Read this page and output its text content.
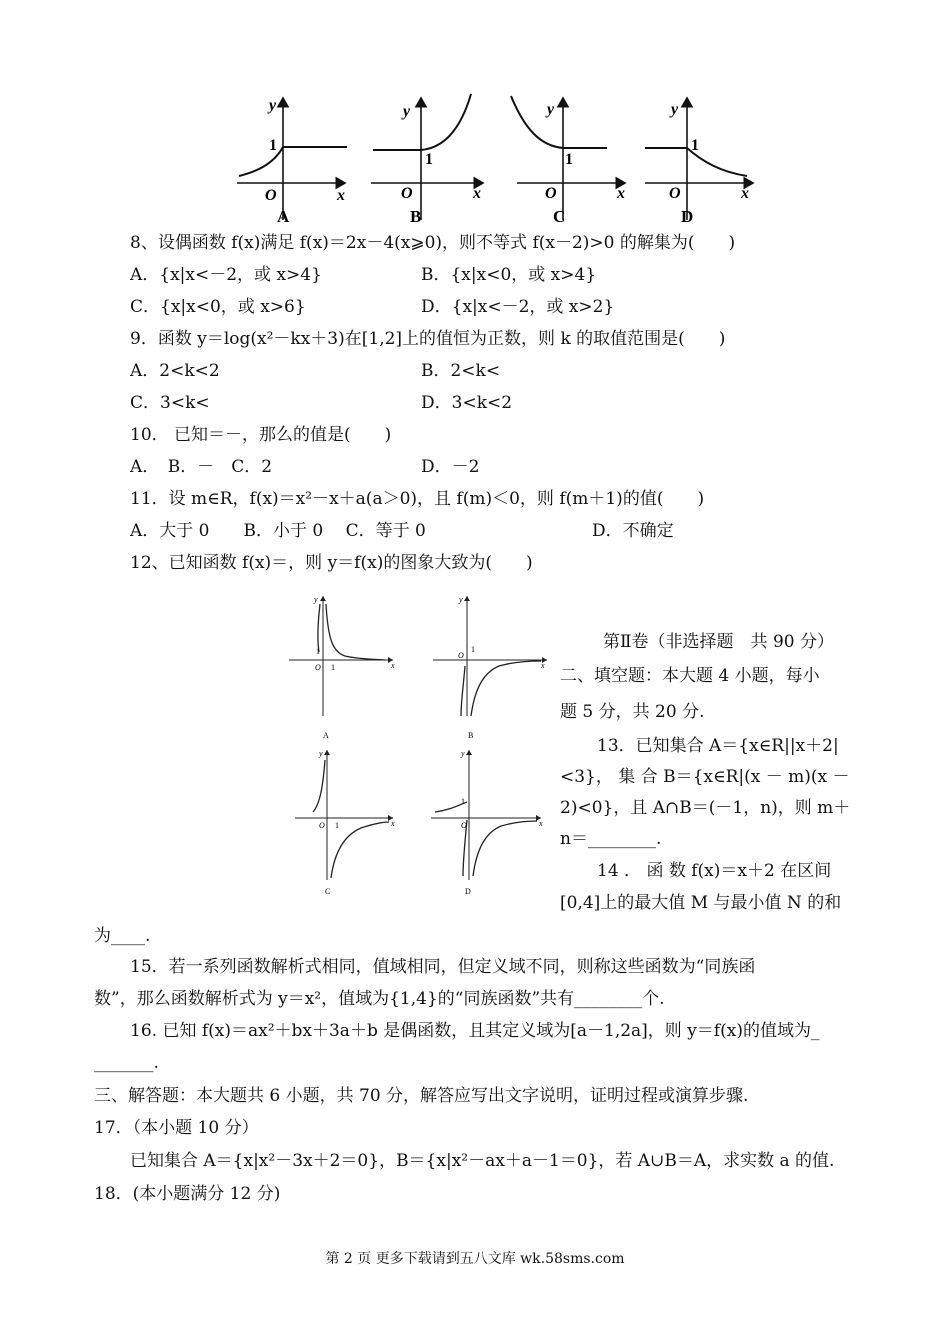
y
1
O	x
A
y
1
O	x
B
y
1
O	x
C
y
1
O	x
D
8、设偶函数 f(x)满足 f(x)＝2x－4(x⩾0)，则不等式 f(x－2)>0 的解集为(　　)
A．{x|x<－2，或 x>4}	B．{x|x<0，或 x>4}
C．{x|x<0，或 x>6}	D．{x|x<－2，或 x>2}
9．函数 y＝log(x²－kx＋3)在[1,2]上的值恒为正数，则 k 的取值范围是(　　)
A．2<k<2	B．2<k<
C．3<k<	D．3<k<2
10． 已知＝－，那么的值是(　　)
A．　B．－　C．2	D．－2
11．设 m∈R，f(x)＝x²－x＋a(a＞0)，且 f(m)＜0，则 f(m＋1)的值(　　)
A．大于 0　　B．小于 0　 C．等于 0	D．不确定
12、已知函数 f(x)＝，则 y＝f(x)的图象大致为(　　)
y
1
O 1	x
A
y
1
O
x
B
y
O 1	x
C
y
1
O	x
D
第Ⅱ卷（非选择题　共 90 分）
二、填空题：本大题 4 小题，每小
题 5 分，共 20 分.
13．已知集合 A＝{x∈R||x＋2|
<3}， 集 合 B＝{x∈R|(x － m)(x －
2)<0}，且 A∩B＝(－1，n)，则 m＋
n＝________.
14 ． 函 数 f(x)＝x＋2 在区间
[0,4]上的最大值 M 与最小值 N 的和
为____.
15．若一系列函数解析式相同，值域相同，但定义域不同，则称这些函数为“同族函
数”，那么函数解析式为 y＝x²，值域为{1,4}的“同族函数”共有________个.
16. 已知 f(x)＝ax²＋bx＋3a＋b 是偶函数，且其定义域为[a－1,2a]，则 y＝f(x)的值域为_
_______.
三、解答题：本大题共 6 小题，共 70 分，解答应写出文字说明，证明过程或演算步骤.
17．（本小题 10 分）
已知集合 A＝{x|x²－3x＋2＝0}，B＝{x|x²－ax＋a－1＝0}，若 A∪B＝A，求实数 a 的值.
18．(本小题满分 12 分)
第 2 页 更多下载请到五八文库 wk.58sms.com
